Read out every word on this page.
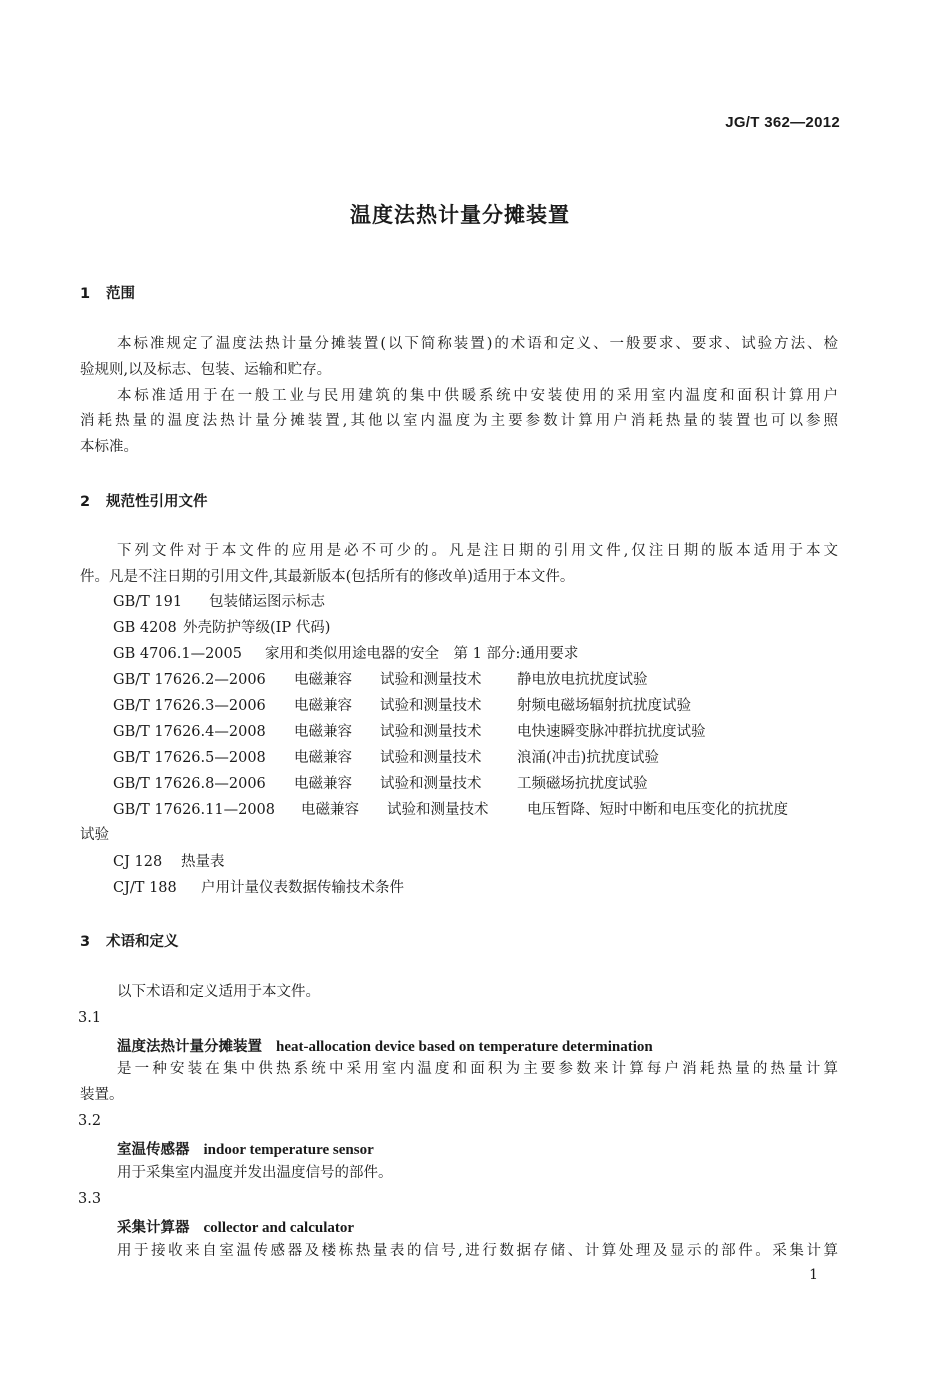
JG/T 362—2012
温度法热计量分摊装置
1 范围
本标准规定了温度法热计量分摊装置(以下简称装置)的术语和定义、一般要求、要求、试验方法、检
验规则,以及标志、包装、运输和贮存。
本标准适用于在一般工业与民用建筑的集中供暖系统中安装使用的采用室内温度和面积计算用户
消耗热量的温度法热计量分摊装置,其他以室内温度为主要参数计算用户消耗热量的装置也可以参照
本标准。
2 规范性引用文件
下列文件对于本文件的应用是必不可少的。凡是注日期的引用文件,仅注日期的版本适用于本文
件。凡是不注日期的引用文件,其最新版本(包括所有的修改单)适用于本文件。
GB/T 191 包装储运图示标志
GB 4208 外壳防护等级(IP 代码)
GB 4706.1—2005 家用和类似用途电器的安全　第 1 部分:通用要求
GB/T 17626.2—2006 电磁兼容 试验和测量技术 静电放电抗扰度试验
GB/T 17626.3—2006 电磁兼容 试验和测量技术 射频电磁场辐射抗扰度试验
GB/T 17626.4—2008 电磁兼容 试验和测量技术 电快速瞬变脉冲群抗扰度试验
GB/T 17626.5—2008 电磁兼容 试验和测量技术 浪涌(冲击)抗扰度试验
GB/T 17626.8—2006 电磁兼容 试验和测量技术 工频磁场抗扰度试验
GB/T 17626.11—2008 电磁兼容 试验和测量技术	电压暂降、短时中断和电压变化的抗扰度
试验
CJ 128 热量表
CJ/T 188 户用计量仪表数据传输技术条件
3 术语和定义
以下术语和定义适用于本文件。
3.1
温度法热计量分摊装置 heat-allocation device based on temperature determination
是一种安装在集中供热系统中采用室内温度和面积为主要参数来计算每户消耗热量的热量计算
装置。
3.2
室温传感器 indoor temperature sensor
用于采集室内温度并发出温度信号的部件。
3.3
采集计算器 collector and calculator
用于接收来自室温传感器及楼栋热量表的信号,进行数据存储、计算处理及显示的部件。采集计算
1
